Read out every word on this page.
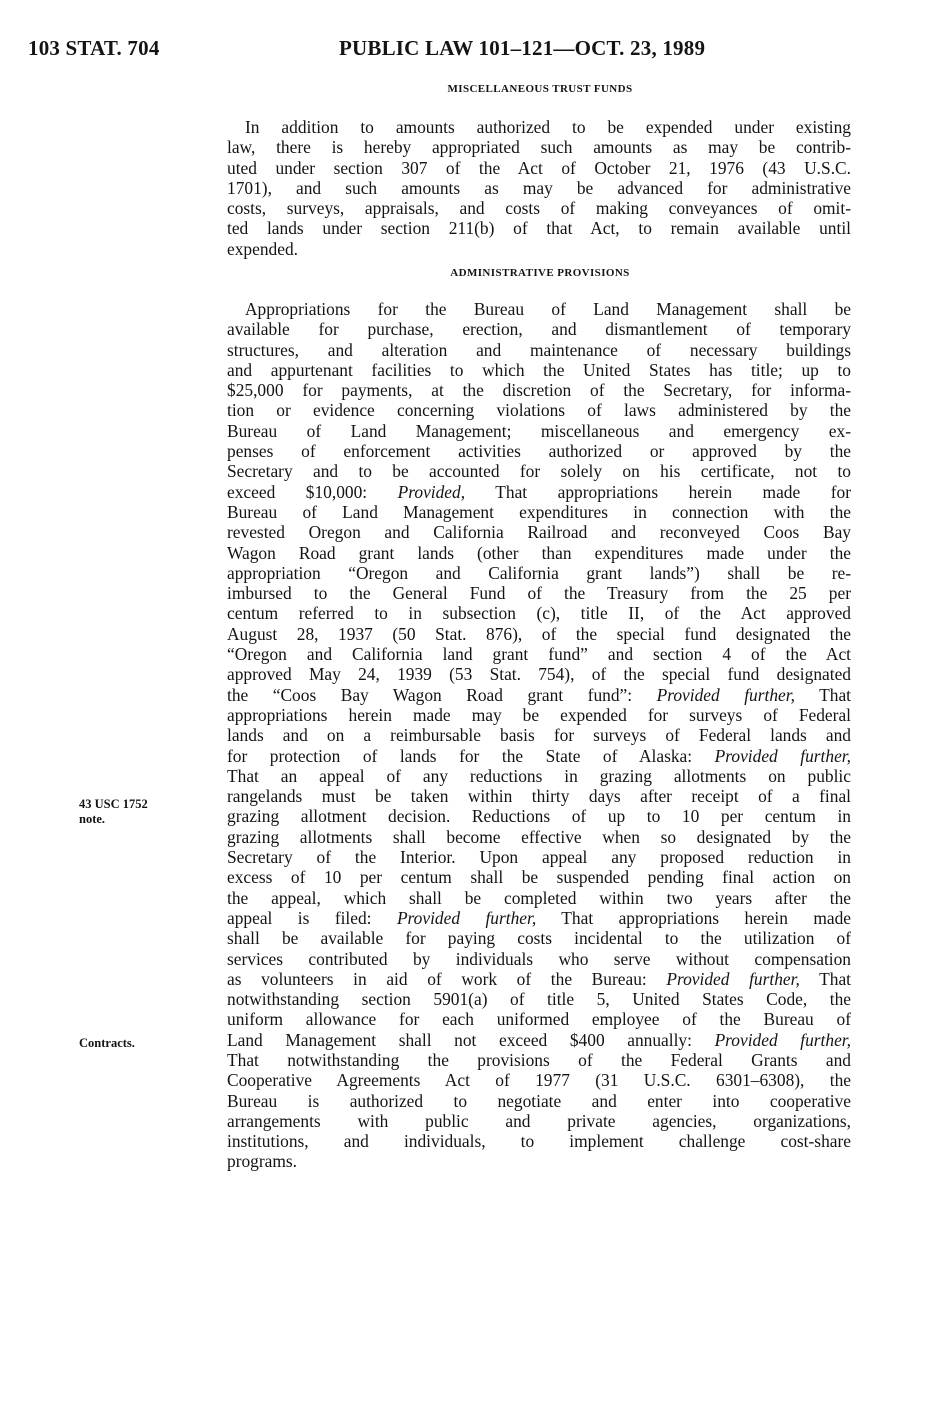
103 STAT. 704	PUBLIC LAW 101–121—OCT. 23, 1989
MISCELLANEOUS TRUST FUNDS
In addition to amounts authorized to be expended under existing
law, there is hereby appropriated such amounts as may be contrib-
uted under section 307 of the Act of October 21, 1976 (43 U.S.C.
1701), and such amounts as may be advanced for administrative
costs, surveys, appraisals, and costs of making conveyances of omit-
ted lands under section 211(b) of that Act, to remain available until
expended.
ADMINISTRATIVE PROVISIONS
Appropriations for the Bureau of Land Management shall be
available for purchase, erection, and dismantlement of temporary
structures, and alteration and maintenance of necessary buildings
and appurtenant facilities to which the United States has title; up to
$25,000 for payments, at the discretion of the Secretary, for informa-
tion or evidence concerning violations of laws administered by the
Bureau of Land Management; miscellaneous and emergency ex-
penses of enforcement activities authorized or approved by the
Secretary and to be accounted for solely on his certificate, not to
exceed $10,000: Provided, That appropriations herein made for
Bureau of Land Management expenditures in connection with the
revested Oregon and California Railroad and reconveyed Coos Bay
Wagon Road grant lands (other than expenditures made under the
appropriation “Oregon and California grant lands”) shall be re-
imbursed to the General Fund of the Treasury from the 25 per
centum referred to in subsection (c), title II, of the Act approved
August 28, 1937 (50 Stat. 876), of the special fund designated the
“Oregon and California land grant fund” and section 4 of the Act
approved May 24, 1939 (53 Stat. 754), of the special fund designated
the “Coos Bay Wagon Road grant fund”: Provided further, That
appropriations herein made may be expended for surveys of Federal
lands and on a reimbursable basis for surveys of Federal lands and
for protection of lands for the State of Alaska: Provided further,
That an appeal of any reductions in grazing allotments on public
rangelands must be taken within thirty days after receipt of a final
grazing allotment decision. Reductions of up to 10 per centum in
grazing allotments shall become effective when so designated by the
Secretary of the Interior. Upon appeal any proposed reduction in
excess of 10 per centum shall be suspended pending final action on
the appeal, which shall be completed within two years after the
appeal is filed: Provided further, That appropriations herein made
shall be available for paying costs incidental to the utilization of
services contributed by individuals who serve without compensation
as volunteers in aid of work of the Bureau: Provided further, That
notwithstanding section 5901(a) of title 5, United States Code, the
uniform allowance for each uniformed employee of the Bureau of
Land Management shall not exceed $400 annually: Provided further,
That notwithstanding the provisions of the Federal Grants and
Cooperative Agreements Act of 1977 (31 U.S.C. 6301–6308), the
Bureau is authorized to negotiate and enter into cooperative
arrangements with public and private agencies, organizations,
institutions, and individuals, to implement challenge cost-share
programs.
43 USC 1752
note.
Contracts.
